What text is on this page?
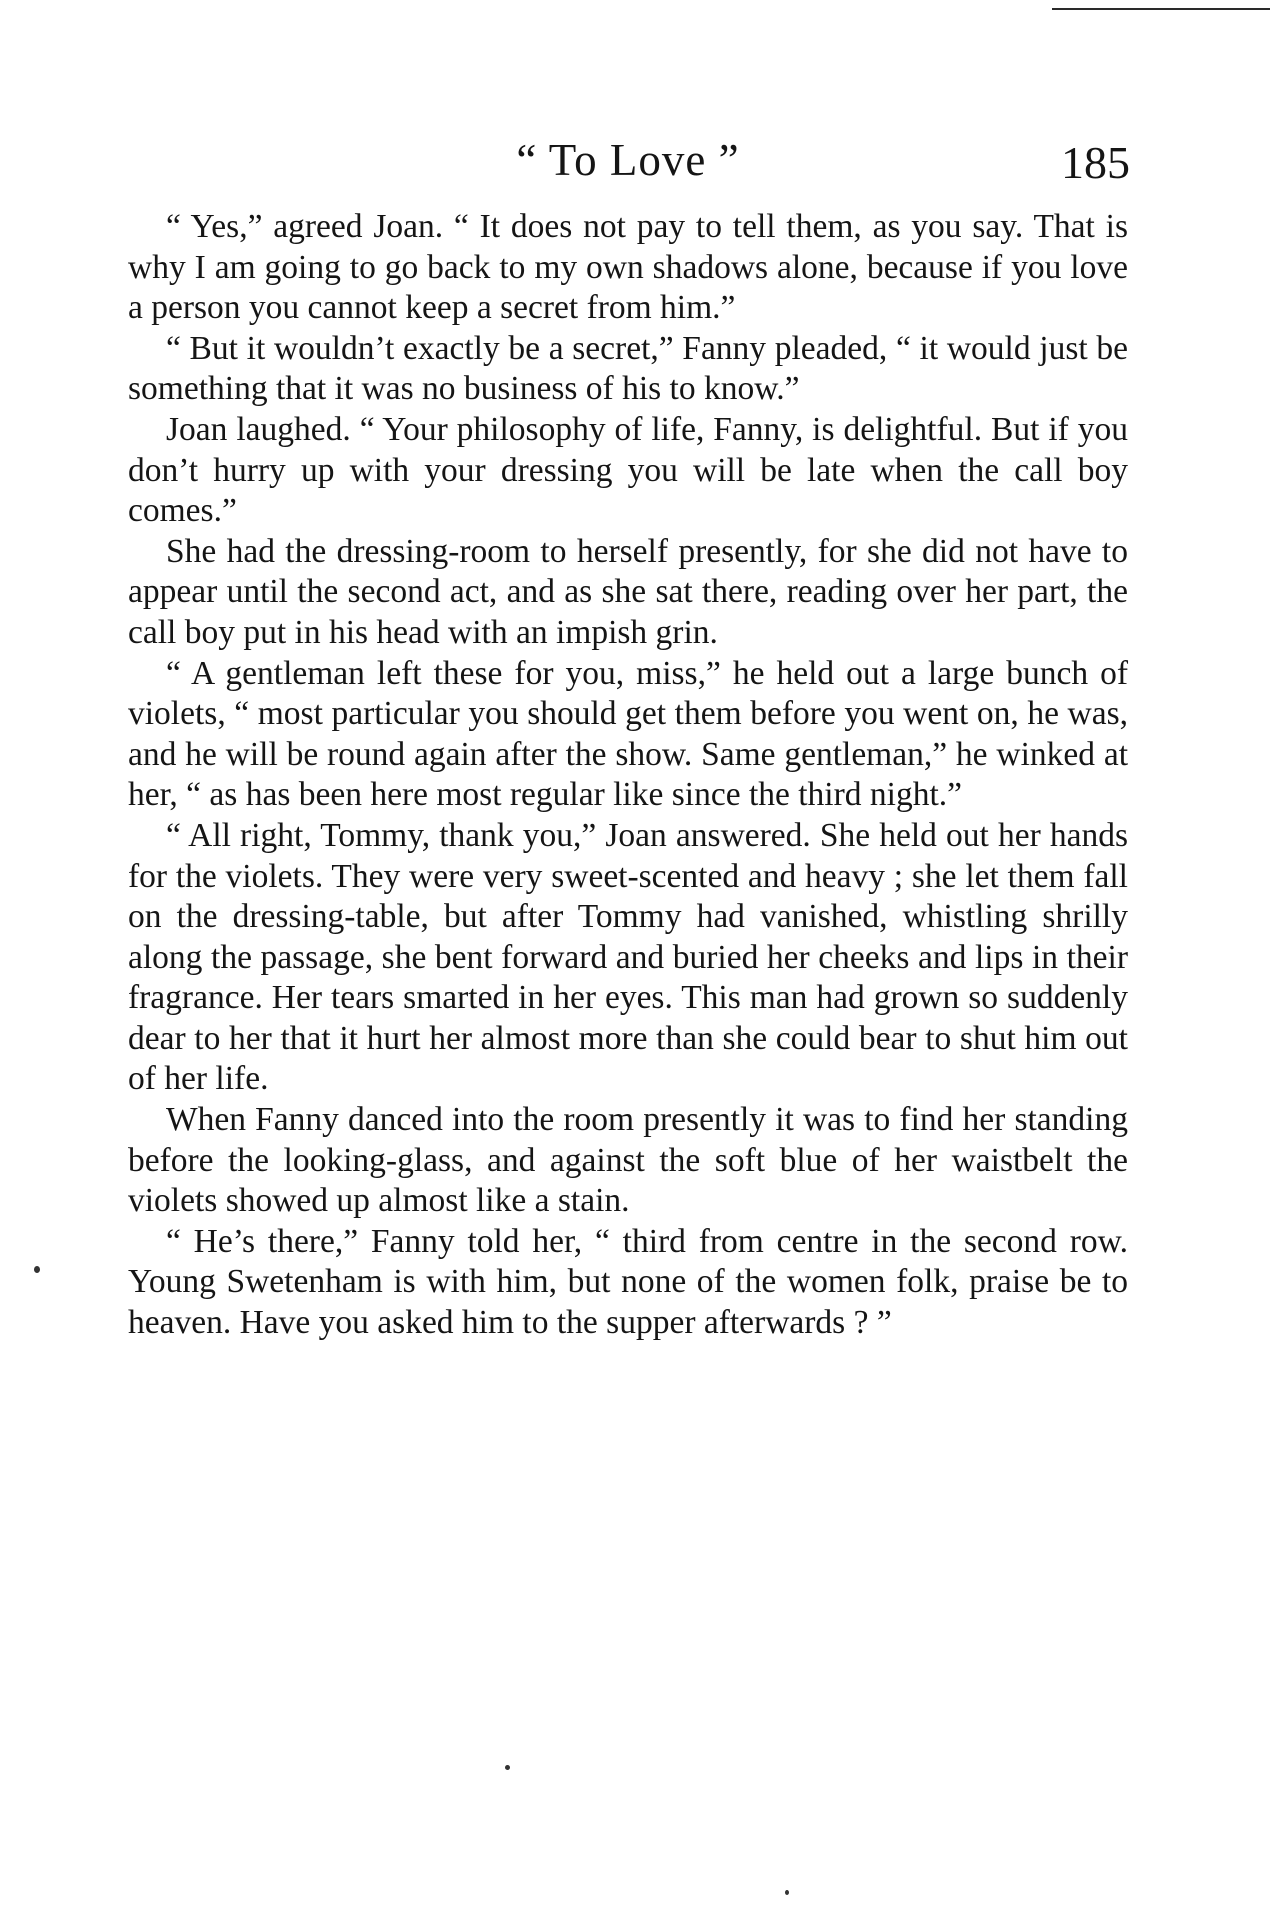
“ To Love ”	185

“ Yes,” agreed Joan. “ It does not pay to tell them, as you say. That is why I am going to go back to my own shadows alone, because if you love a person you cannot keep a secret from him.”

“ But it wouldn’t exactly be a secret,” Fanny pleaded, “ it would just be something that it was no business of his to know.”

Joan laughed. “ Your philosophy of life, Fanny, is delightful. But if you don’t hurry up with your dressing you will be late when the call boy comes.”

She had the dressing-room to herself presently, for she did not have to appear until the second act, and as she sat there, reading over her part, the call boy put in his head with an impish grin.

“ A gentleman left these for you, miss,” he held out a large bunch of violets, “ most particular you should get them before you went on, he was, and he will be round again after the show. Same gentleman,” he winked at her, “ as has been here most regular like since the third night.”

“ All right, Tommy, thank you,” Joan answered. She held out her hands for the violets. They were very sweet-scented and heavy ; she let them fall on the dressing-table, but after Tommy had vanished, whistling shrilly along the passage, she bent forward and buried her cheeks and lips in their fragrance. Her tears smarted in her eyes. This man had grown so suddenly dear to her that it hurt her almost more than she could bear to shut him out of her life.

When Fanny danced into the room presently it was to find her standing before the looking-glass, and against the soft blue of her waistbelt the violets showed up almost like a stain.

“ He’s there,” Fanny told her, “ third from centre in the second row. Young Swetenham is with him, but none of the women folk, praise be to heaven. Have you asked him to the supper afterwards ? ”
